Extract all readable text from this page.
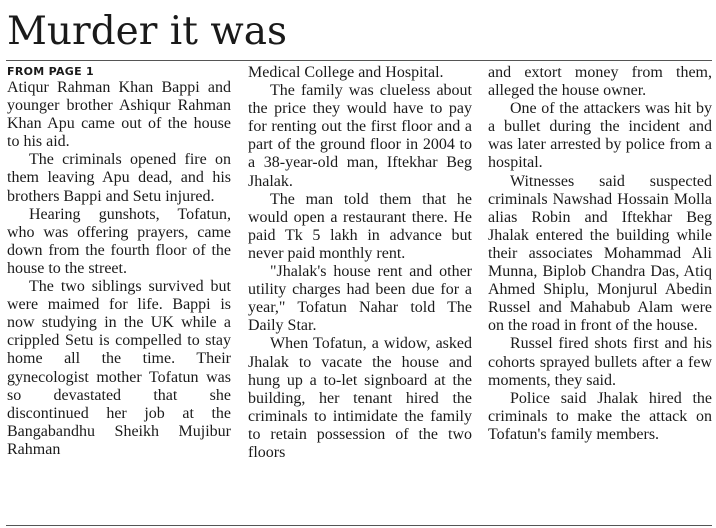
Murder it was
FROM PAGE 1

Atiqur Rahman Khan Bappi and younger brother Ashiqur Rahman Khan Apu came out of the house to his aid.

The criminals opened fire on them leaving Apu dead, and his brothers Bappi and Setu injured.

Hearing gunshots, Tofatun, who was offering prayers, came down from the fourth floor of the house to the street.

The two siblings survived but were maimed for life. Bappi is now studying in the UK while a crippled Setu is compelled to stay home all the time. Their gynecologist mother Tofatun was so devastated that she discontinued her job at the Bangabandhu Sheikh Mujibur Rahman

Medical College and Hospital.

The family was clueless about the price they would have to pay for renting out the first floor and a part of the ground floor in 2004 to a 38-year-old man, Iftekhar Beg Jhalak.

The man told them that he would open a restaurant there. He paid Tk 5 lakh in advance but never paid monthly rent.

"Jhalak's house rent and other utility charges had been due for a year," Tofatun Nahar told The Daily Star.

When Tofatun, a widow, asked Jhalak to vacate the house and hung up a to-let signboard at the building, her tenant hired the criminals to intimidate the family to retain possession of the two floors

and extort money from them, alleged the house owner.

One of the attackers was hit by a bullet during the incident and was later arrested by police from a hospital.

Witnesses said suspected criminals Nawshad Hossain Molla alias Robin and Iftekhar Beg Jhalak entered the building while their associates Mohammad Ali Munna, Biplob Chandra Das, Atiq Ahmed Shiplu, Monjurul Abedin Russel and Mahabub Alam were on the road in front of the house.

Russel fired shots first and his cohorts sprayed bullets after a few moments, they said.

Police said Jhalak hired the criminals to make the attack on Tofatun's family members.
